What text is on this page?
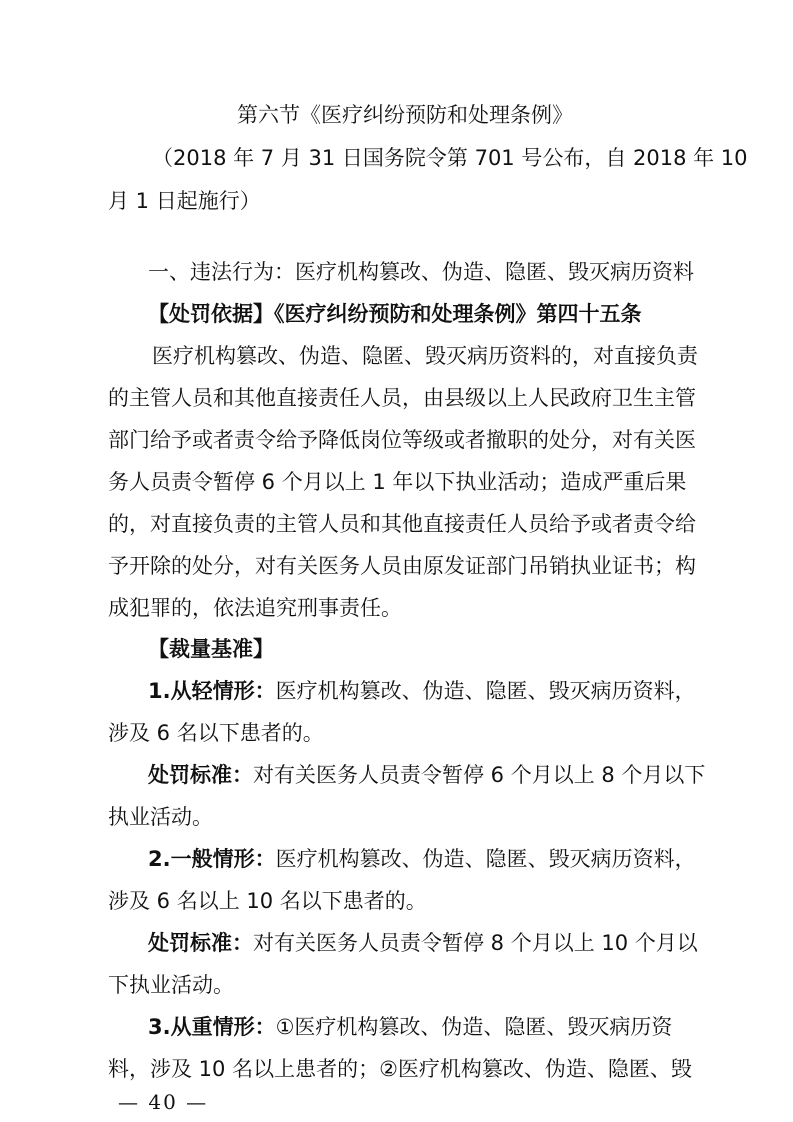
第六节《医疗纠纷预防和处理条例》
（2018 年 7 月 31 日国务院令第 701 号公布，自 2018 年 10
月 1 日起施行）
一、违法行为：医疗机构篡改、伪造、隐匿、毁灭病历资料
【处罚依据】《医疗纠纷预防和处理条例》第四十五条
医疗机构篡改、伪造、隐匿、毁灭病历资料的，对直接负责
的主管人员和其他直接责任人员，由县级以上人民政府卫生主管
部门给予或者责令给予降低岗位等级或者撤职的处分，对有关医
务人员责令暂停 6 个月以上 1 年以下执业活动；造成严重后果
的，对直接负责的主管人员和其他直接责任人员给予或者责令给
予开除的处分，对有关医务人员由原发证部门吊销执业证书；构
成犯罪的，依法追究刑事责任。
【裁量基准】
1.从轻情形：医疗机构篡改、伪造、隐匿、毁灭病历资料，
涉及 6 名以下患者的。
处罚标准：对有关医务人员责令暂停 6 个月以上 8 个月以下
执业活动。
2.一般情形：医疗机构篡改、伪造、隐匿、毁灭病历资料，
涉及 6 名以上 10 名以下患者的。
处罚标准：对有关医务人员责令暂停 8 个月以上 10 个月以
下执业活动。
— 40 —
3.从重情形：①医疗机构篡改、伪造、隐匿、毁灭病历资
料，涉及 10 名以上患者的；②医疗机构篡改、伪造、隐匿、毁
